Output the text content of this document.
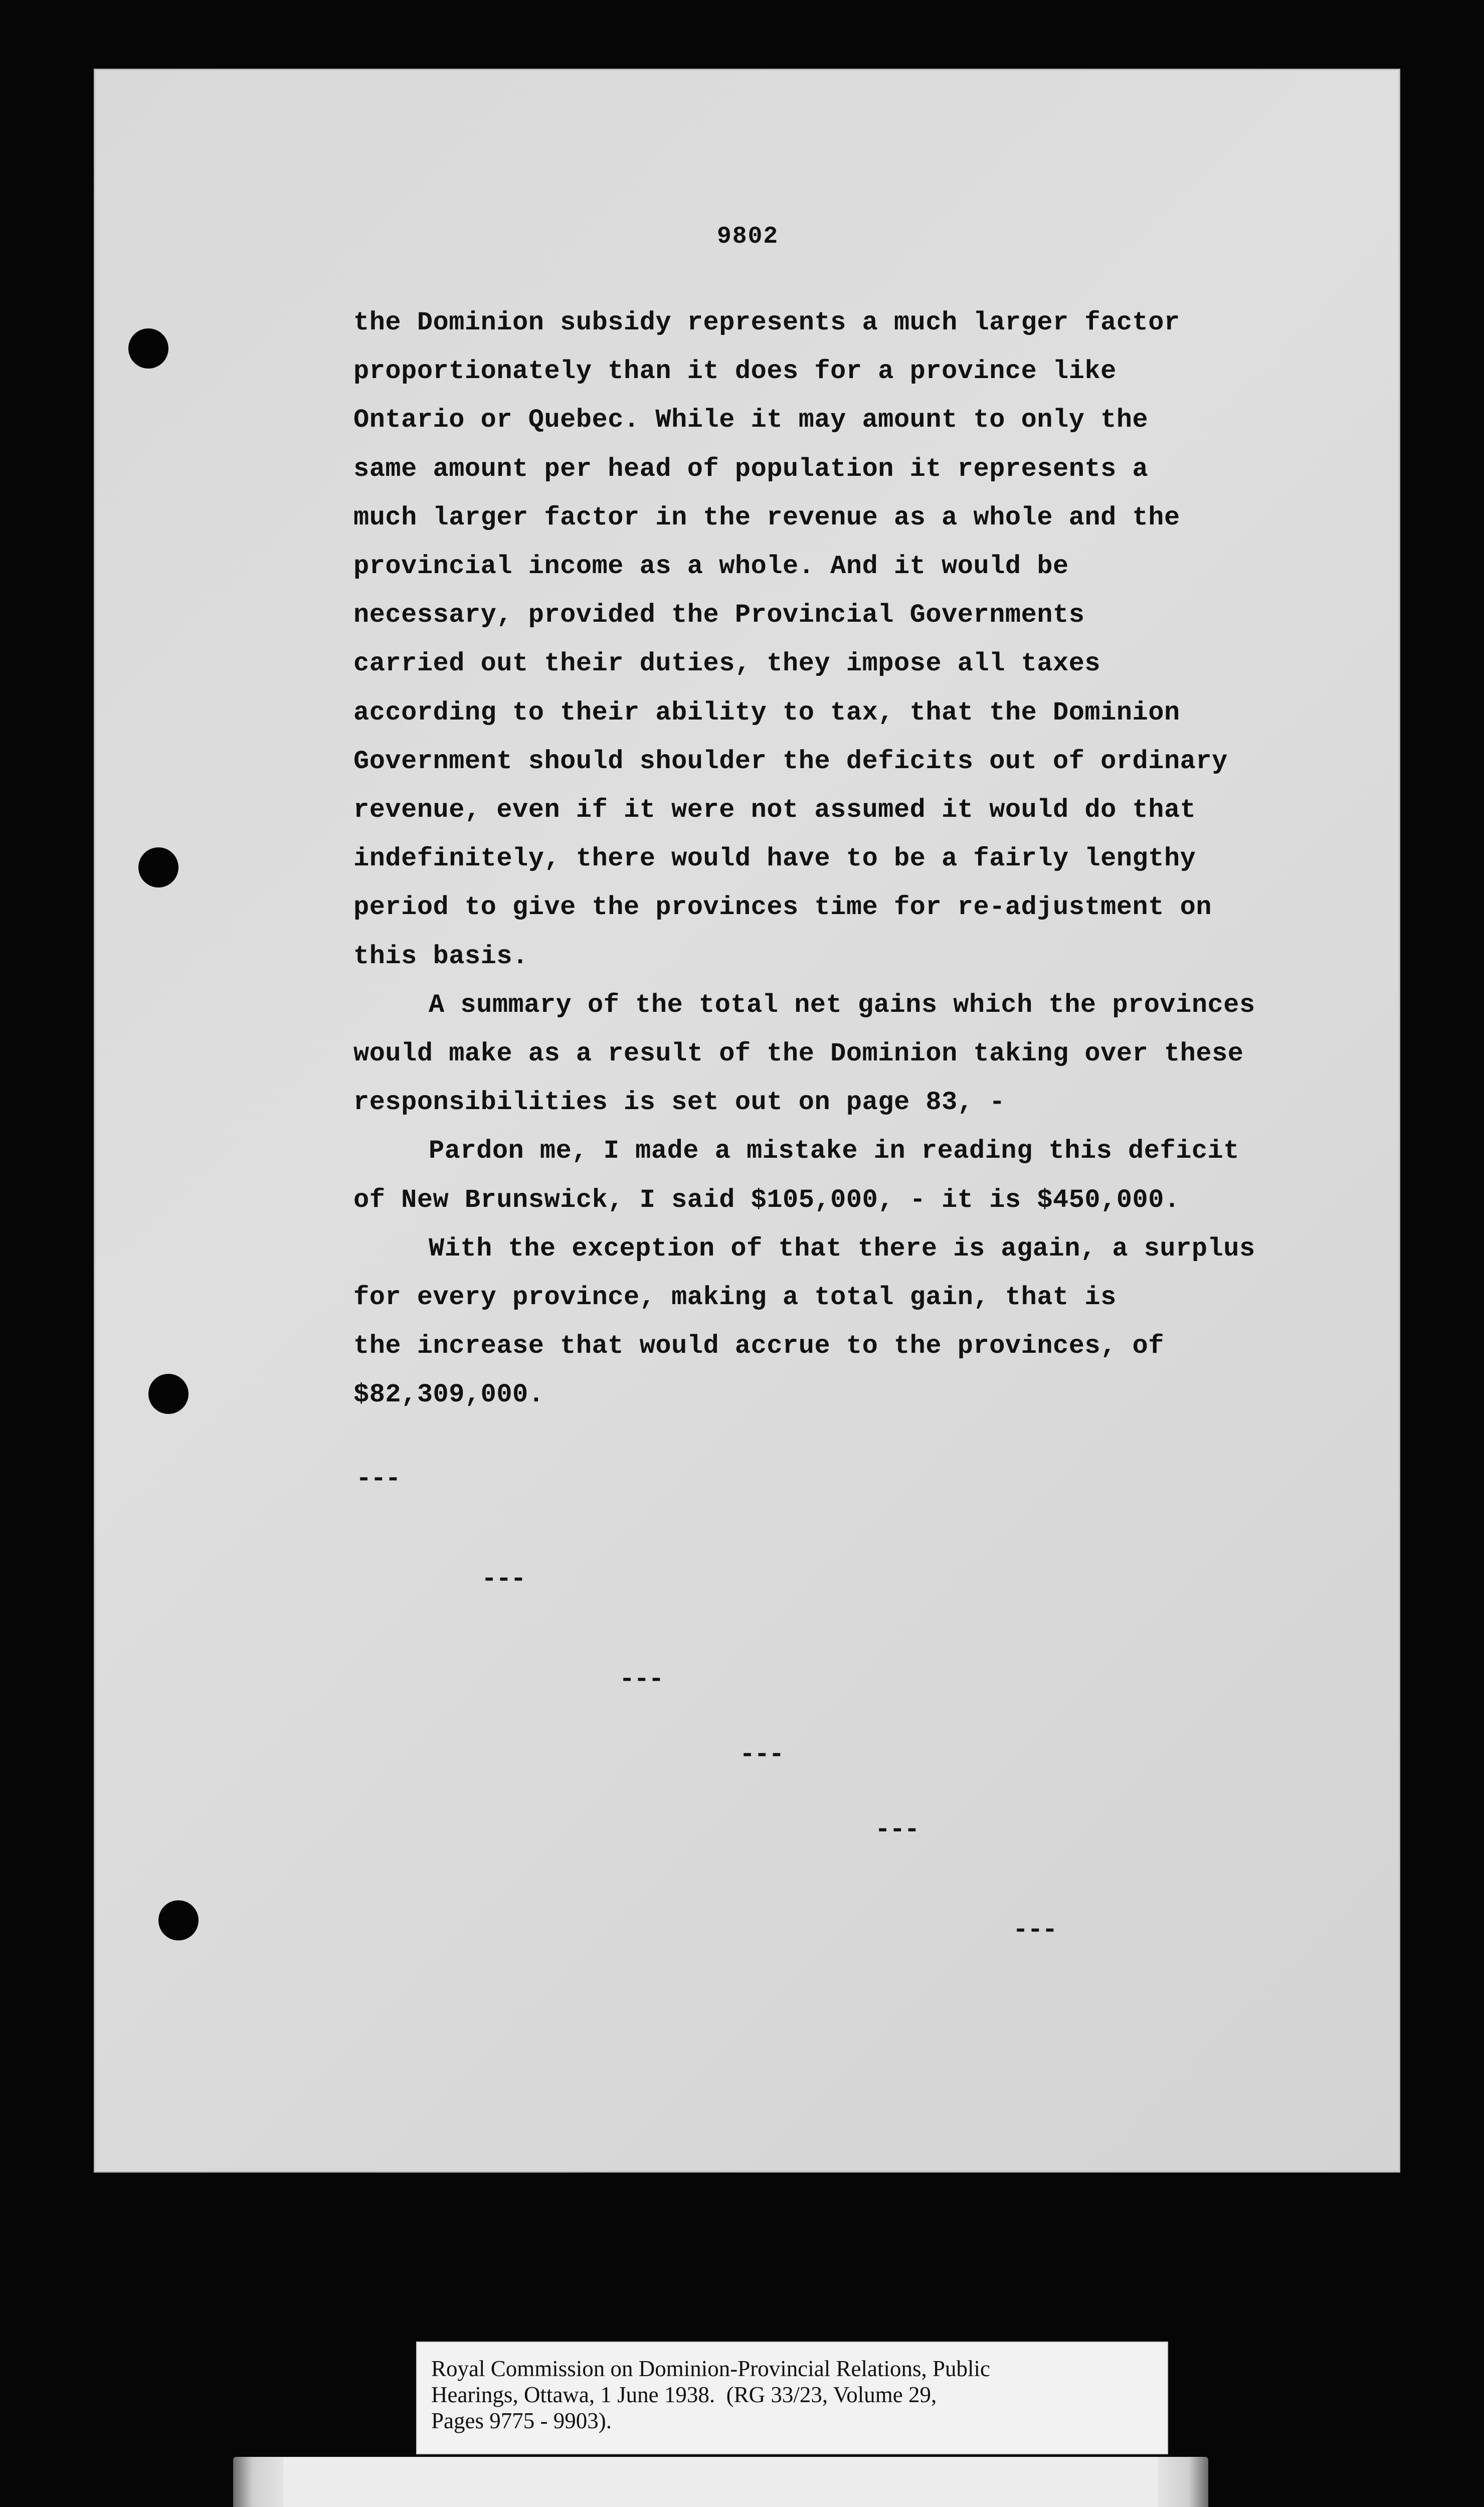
9802
the Dominion subsidy represents a much larger factor
proportionately than it does for a province like
Ontario or Quebec. While it may amount to only the
same amount per head of population it represents a
much larger factor in the revenue as a whole and the
provincial income as a whole. And it would be
necessary, provided the Provincial Governments
carried out their duties, they impose all taxes
according to their ability to tax, that the Dominion
Government should shoulder the deficits out of ordinary
revenue, even if it were not assumed it would do that
indefinitely, there would have to be a fairly lengthy
period to give the provinces time for re-adjustment on
this basis.
A summary of the total net gains which the provinces
would make as a result of the Dominion taking over these
responsibilities is set out on page 83, -
Pardon me, I made a mistake in reading this deficit
of New Brunswick, I said $105,000, - it is $450,000.
With the exception of that there is again, a surplus
for every province, making a total gain, that is
the increase that would accrue to the provinces, of
$82,309,000.
---
---
---
---
---
---
Royal Commission on Dominion-Provincial Relations, Public
Hearings, Ottawa, 1 June 1938.  (RG 33/23, Volume 29,
Pages 9775 - 9903).
